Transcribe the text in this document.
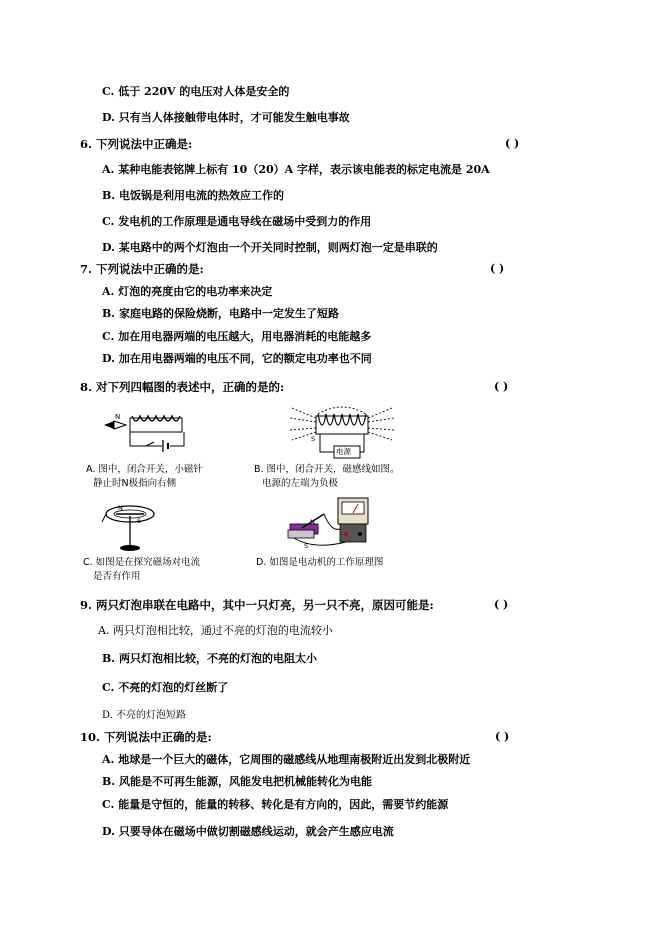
C. 低于 220V 的电压对人体是安全的
D. 只有当人体接触带电体时，才可能发生触电事故
6. 下列说法中正确是:	( )
A. 某种电能表铭牌上标有 10（20）A 字样，表示该电能表的标定电流是 20A
B. 电饭锅是利用电流的热效应工作的
C. 发电机的工作原理是通电导线在磁场中受到力的作用
D. 某电路中的两个灯泡由一个开关同时控制，则两灯泡一定是串联的
7. 下列说法中正确的是:	( )
A. 灯泡的亮度由它的电功率来决定
B. 家庭电路的保险烧断，电路中一定发生了短路
C. 加在用电器两端的电压越大，用电器消耗的电能越多
D. 加在用电器两端的电压不同，它的额定电功率也不同
8. 对下列四幅图的表述中，正确的是的:	( )
N
A. 图中，闭合开关，小磁针
静止时N极指向右侧
电源
S
B. 图中，闭合开关，磁感线如图。
电源的左端为负极
N
S
C. 如图是在探究磁场对电流
是否有作用
N
S
D. 如图是电动机的工作原理图
9. 两只灯泡串联在电路中，其中一只灯亮，另一只不亮，原因可能是:	( )
A. 两只灯泡相比较，通过不亮的灯泡的电流较小
B. 两只灯泡相比较，不亮的灯泡的电阻太小
C. 不亮的灯泡的灯丝断了
D. 不亮的灯泡短路
10. 下列说法中正确的是:	( )
A. 地球是一个巨大的磁体，它周围的磁感线从地理南极附近出发到北极附近
B. 风能是不可再生能源，风能发电把机械能转化为电能
C. 能量是守恒的，能量的转移、转化是有方向的，因此，需要节约能源
D. 只要导体在磁场中做切割磁感线运动，就会产生感应电流
